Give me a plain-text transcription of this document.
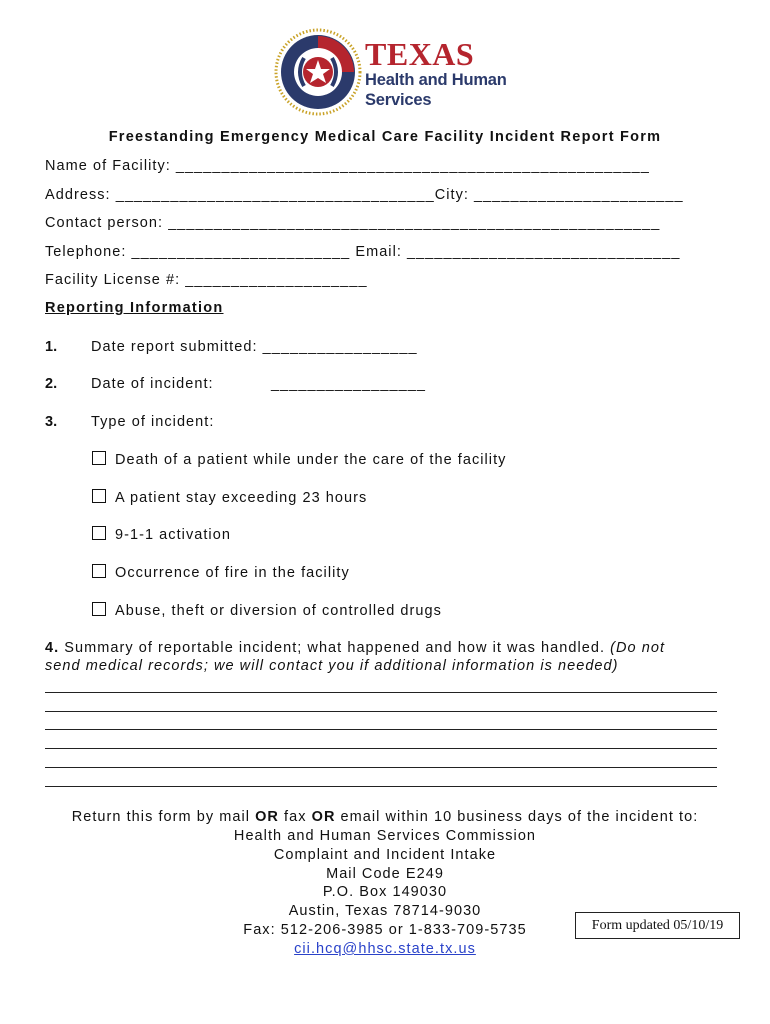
TEXAS
Health and Human
Services
Freestanding Emergency Medical Care Facility Incident Report Form
Name of Facility: ____________________________________________________
Address: ___________________________________City: _______________________
Contact person: ______________________________________________________
Telephone: ________________________ Email: ______________________________
Facility License #: ____________________
Reporting Information
1. Date report submitted: _________________
2. Date of incident:	_________________
3. Type of incident:
Death of a patient while under the care of the facility
A patient stay exceeding 23 hours
9-1-1 activation
Occurrence of fire in the facility
Abuse, theft or diversion of controlled drugs
4. Summary of reportable incident; what happened and how it was handled. (Do not
send medical records; we will contact you if additional information is needed)
Return this form by mail OR fax OR email within 10 business days of the incident to:
Health and Human Services Commission
Complaint and Incident Intake
Mail Code E249
P.O. Box 149030
Austin, Texas 78714-9030
Fax: 512-206-3985 or 1-833-709-5735
cii.hcq@hhsc.state.tx.us
Form updated 05/10/19
